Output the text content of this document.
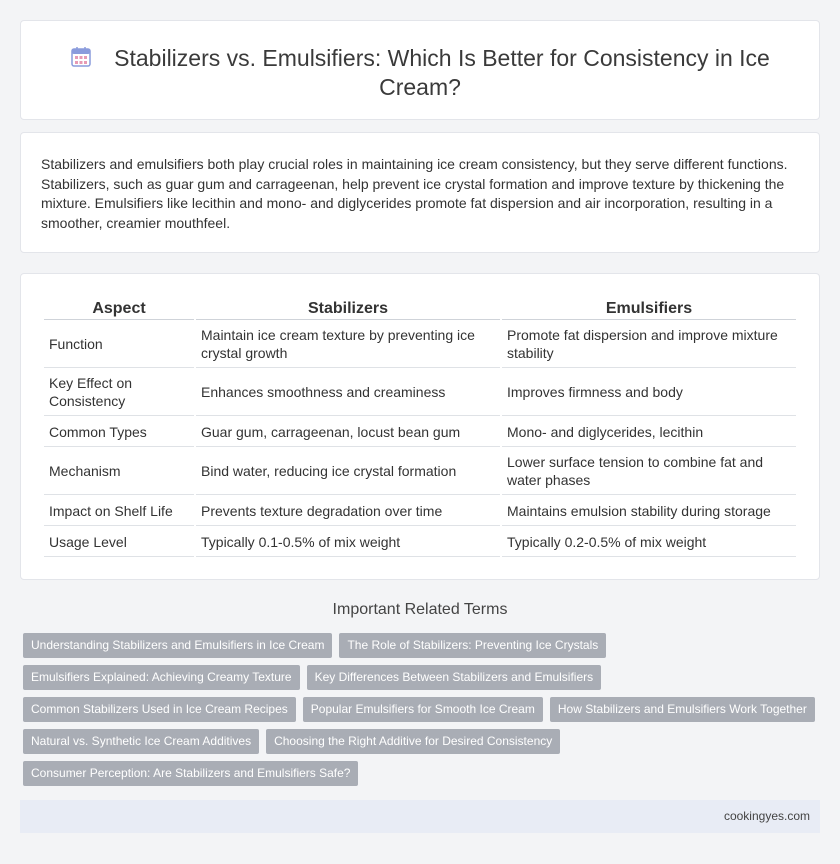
Stabilizers vs. Emulsifiers: Which Is Better for Consistency in Ice Cream?

Stabilizers and emulsifiers both play crucial roles in maintaining ice cream consistency, but they serve different functions. Stabilizers, such as guar gum and carrageenan, help prevent ice crystal formation and improve texture by thickening the mixture. Emulsifiers like lecithin and mono- and diglycerides promote fat dispersion and air incorporation, resulting in a smoother, creamier mouthfeel.

Aspect	Stabilizers	Emulsifiers
Function	Maintain ice cream texture by preventing ice crystal growth	Promote fat dispersion and improve mixture stability
Key Effect on Consistency	Enhances smoothness and creaminess	Improves firmness and body
Common Types	Guar gum, carrageenan, locust bean gum	Mono- and diglycerides, lecithin
Mechanism	Bind water, reducing ice crystal formation	Lower surface tension to combine fat and water phases
Impact on Shelf Life	Prevents texture degradation over time	Maintains emulsion stability during storage
Usage Level	Typically 0.1-0.5% of mix weight	Typically 0.2-0.5% of mix weight
Important Related Terms
Understanding Stabilizers and Emulsifiers in Ice Cream The Role of Stabilizers: Preventing Ice Crystals
Emulsifiers Explained: Achieving Creamy Texture Key Differences Between Stabilizers and Emulsifiers
Common Stabilizers Used in Ice Cream Recipes Popular Emulsifiers for Smooth Ice Cream How Stabilizers and Emulsifiers Work Together
Natural vs. Synthetic Ice Cream Additives Choosing the Right Additive for Desired Consistency
Consumer Perception: Are Stabilizers and Emulsifiers Safe?
cookingyes.com
